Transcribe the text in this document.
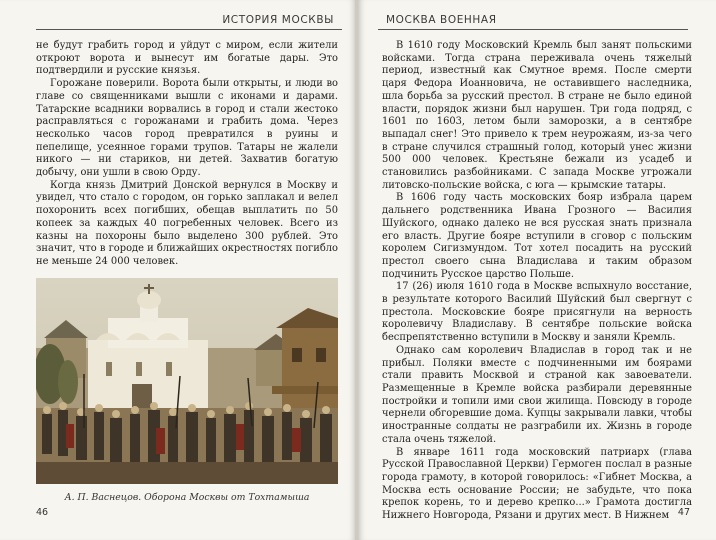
ИСТОРИЯ МОСКВЫ

не будут грабить город и уйдут с миром, если жители откроют ворота и вынесут им богатые дары. Это подтвердили и русские князья.

Горожане поверили. Ворота были открыты, и люди во главе со священниками вышли с иконами и дарами. Татарские всадники ворвались в город и стали жестоко расправляться с горожанами и грабить дома. Через несколько часов город превратился в руины и пепелище, усеянное горами трупов. Татары не жалели никого — ни стариков, ни детей. Захватив богатую добычу, они ушли в свою Орду.

Когда князь Дмитрий Донской вернулся в Москву и увидел, что стало с городом, он горько заплакал и велел похоронить всех погибших, обещав выплатить по 50 копеек за каждых 40 погребенных человек. Всего из казны на похороны было выделено 300 рублей. Это значит, что в городе и ближайших окрестностях погибло не меньше 24 000 человек.

А. П. Васнецов. Оборона Москвы от Тохтамыша
46
МОСКВА ВОЕННАЯ

В 1610 году Московский Кремль был занят польскими войсками. Тогда страна переживала очень тяжелый период, известный как Смутное время. После смерти царя Федора Иоанновича, не оставившего наследника, шла борьба за русский престол. В стране не было единой власти, порядок жизни был нарушен. Три года подряд, с 1601 по 1603, летом были заморозки, а в сентябре выпадал снег! Это привело к трем неурожаям, из-за чего в стране случился страшный голод, который унес жизни 500 000 человек. Крестьяне бежали из усадеб и становились разбойниками. С запада Москве угрожали литовско-польские войска, с юга — крымские татары.

В 1606 году часть московских бояр избрала царем дальнего родственника Ивана Грозного — Василия Шуйского, однако далеко не вся русская знать признала его власть. Другие бояре вступили в сговор с польским королем Сигизмундом. Тот хотел посадить на русский престол своего сына Владислава и таким образом подчинить Русское царство Польше.

17 (26) июля 1610 года в Москве вспыхнуло восстание, в результате которого Василий Шуйский был свергнут с престола. Московские бояре присягнули на верность королевичу Владиславу. В сентябре польские войска беспрепятственно вступили в Москву и заняли Кремль.

Однако сам королевич Владислав в город так и не прибыл. Поляки вместе с подчиненными им боярами стали править Москвой и страной как завоеватели. Размещенные в Кремле войска разбирали деревянные постройки и топили ими свои жилища. Повсюду в городе чернели обгоревшие дома. Купцы закрывали лавки, чтобы иностранные солдаты не разграбили их. Жизнь в городе стала очень тяжелой.

В январе 1611 года московский патриарх (глава Русской Православной Церкви) Гермоген послал в разные города грамоту, в которой говорилось: «Гибнет Москва, а Москва есть основание России; не забудьте, что пока крепок корень, то и дерево крепко...» Грамота достигла Нижнего Новгорода, Рязани и других мест. В Нижнем 47
